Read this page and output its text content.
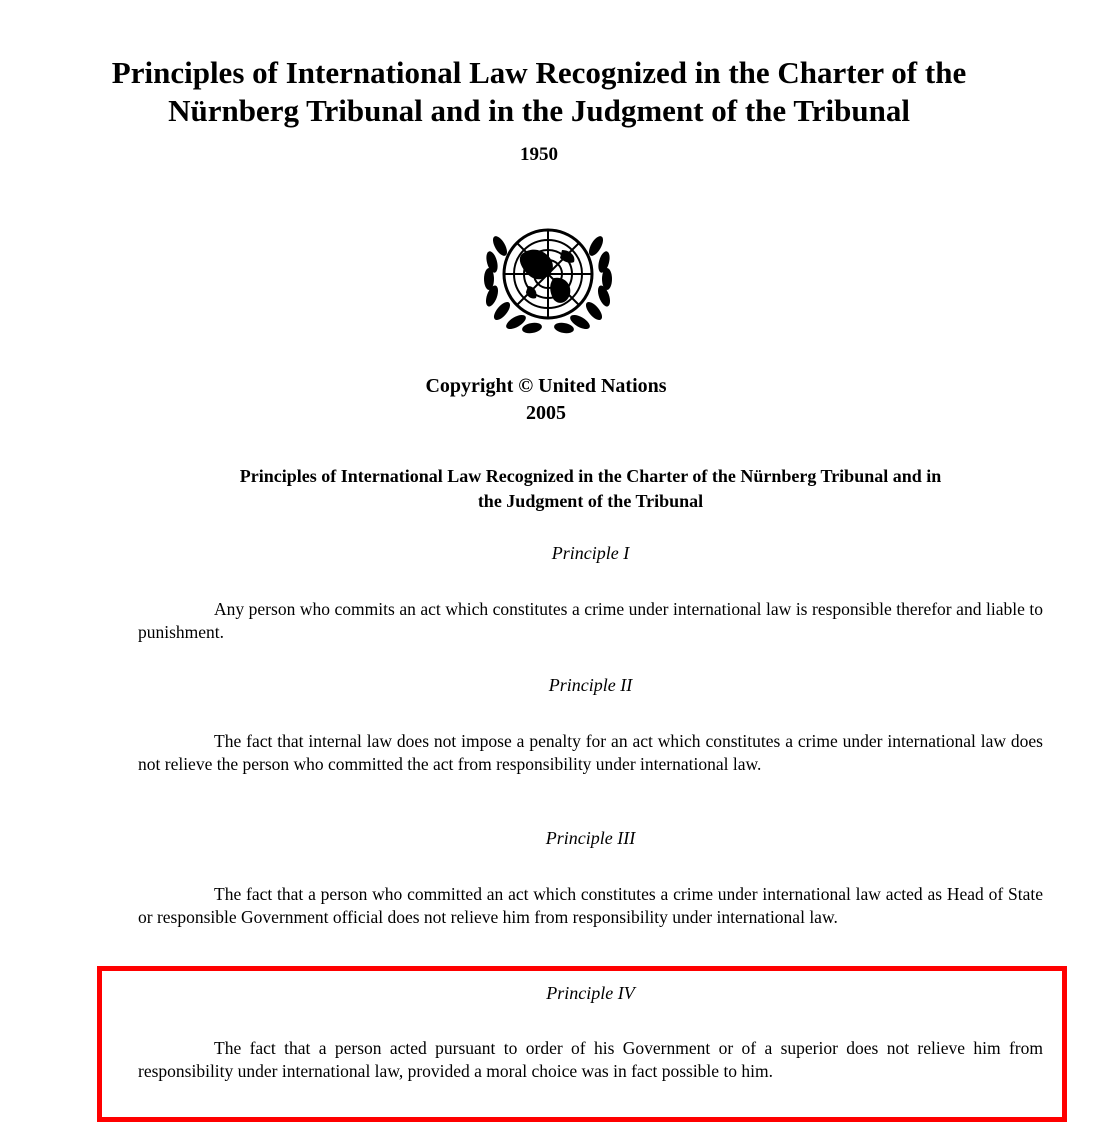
Principles of International Law Recognized in the Charter of the
Nürnberg Tribunal and in the Judgment of the Tribunal

1950

Copyright © United Nations
2005

Principles of International Law Recognized in the Charter of the Nürnberg Tribunal and in
the Judgment of the Tribunal

Principle I

Any person who commits an act which constitutes a crime under international law is responsible therefor and liable to punishment.

Principle II

The fact that internal law does not impose a penalty for an act which constitutes a crime under international law does not relieve the person who committed the act from responsibility under international law.

Principle III

The fact that a person who committed an act which constitutes a crime under international law acted as Head of State or responsible Government official does not relieve him from responsibility under international law.

Principle IV

The fact that a person acted pursuant to order of his Government or of a superior does not relieve him from responsibility under international law, provided a moral choice was in fact possible to him.
